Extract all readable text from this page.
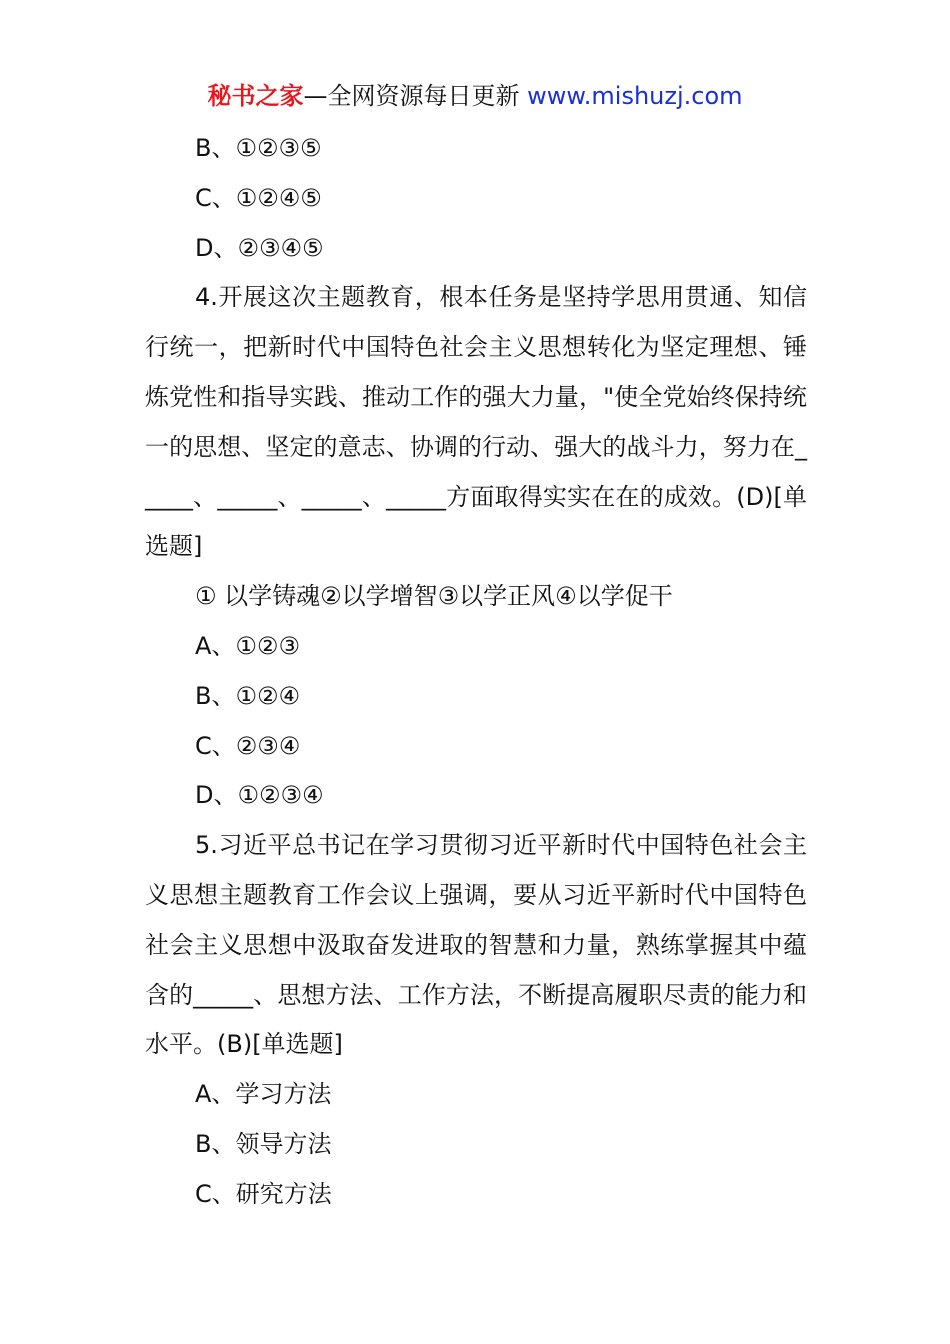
秘书之家—全网资源每日更新 www.mishuzj.com
B、①②③⑤
C、①②④⑤
D、②③④⑤

4.开展这次主题教育，根本任务是坚持学思用贯通、知信行统一，把新时代中国特色社会主义思想转化为坚定理想、锤炼党性和指导实践、推动工作的强大力量，"使全党始终保持统一的思想、坚定的意志、协调的行动、强大的战斗力，努力在_____、_____、_____、_____方面取得实实在在的成效。(D)[单选题]

① 以学铸魂②以学增智③以学正风④以学促干
A、①②③
B、①②④
C、②③④
D、①②③④

5.习近平总书记在学习贯彻习近平新时代中国特色社会主义思想主题教育工作会议上强调，要从习近平新时代中国特色社会主义思想中汲取奋发进取的智慧和力量，熟练掌握其中蕴含的_____、思想方法、工作方法，不断提高履职尽责的能力和水平。(B)[单选题]

A、学习方法
B、领导方法
C、研究方法
